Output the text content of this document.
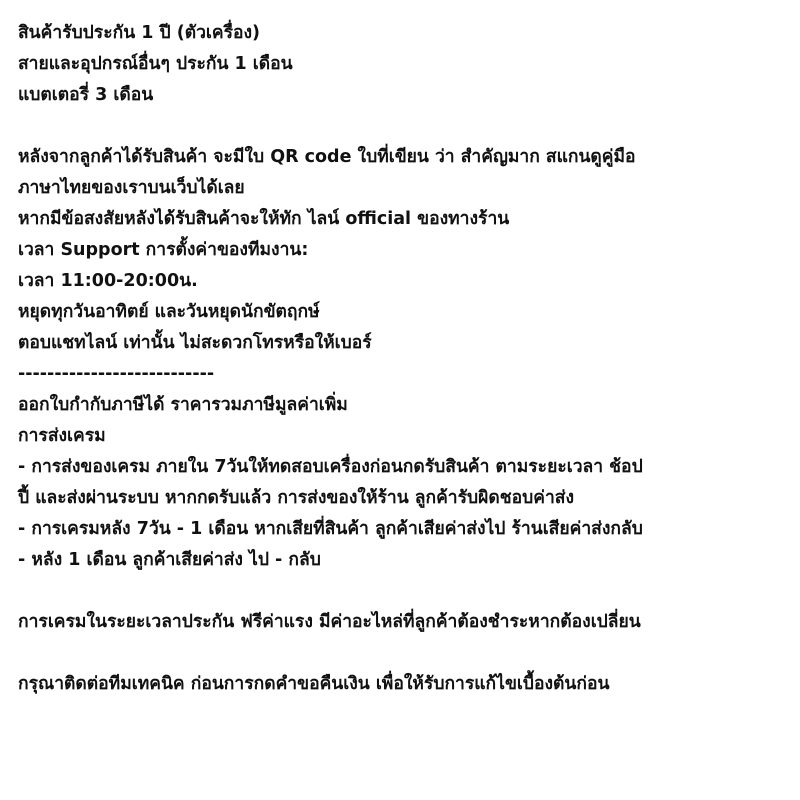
สินค้ารับประกัน 1 ปี (ตัวเครื่อง)

สายและอุปกรณ์อื่นๆ ประกัน 1 เดือน

แบตเตอรี่ 3 เดือน

หลังจากลูกค้าได้รับสินค้า จะมีใบ QR code ใบที่เขียน ว่า สำคัญมาก สแกนดูคู่มือ

ภาษาไทยของเราบนเว็บได้เลย

หากมีข้อสงสัยหลังได้รับสินค้าจะให้ทัก ไลน์ official ของทางร้าน

เวลา Support การตั้งค่าของทีมงาน:

เวลา 11:00-20:00น.

หยุดทุกวันอาทิตย์ และวันหยุดนักขัตฤกษ์

ตอบแชทไลน์ เท่านั้น ไม่สะดวกโทรหรือให้เบอร์

---------------------------

ออกใบกำกับภาษีได้ ราคารวมภาษีมูลค่าเพิ่ม

การส่งเครม

- การส่งของเครม ภายใน 7วันให้ทดสอบเครื่องก่อนกดรับสินค้า ตามระยะเวลา ช้อป

ปี้ และส่งผ่านระบบ หากกดรับแล้ว การส่งของให้ร้าน ลูกค้ารับผิดชอบค่าส่ง

- การเครมหลัง 7วัน - 1 เดือน หากเสียที่สินค้า ลูกค้าเสียค่าส่งไป ร้านเสียค่าส่งกลับ

- หลัง 1 เดือน ลูกค้าเสียค่าส่ง ไป - กลับ

การเครมในระยะเวลาประกัน ฟรีค่าแรง มีค่าอะไหล่ที่ลูกค้าต้องชำระหากต้องเปลี่ยน

กรุณาติดต่อทีมเทคนิค ก่อนการกดคำขอคืนเงิน เพื่อให้รับการแก้ไขเบื้องต้นก่อน
